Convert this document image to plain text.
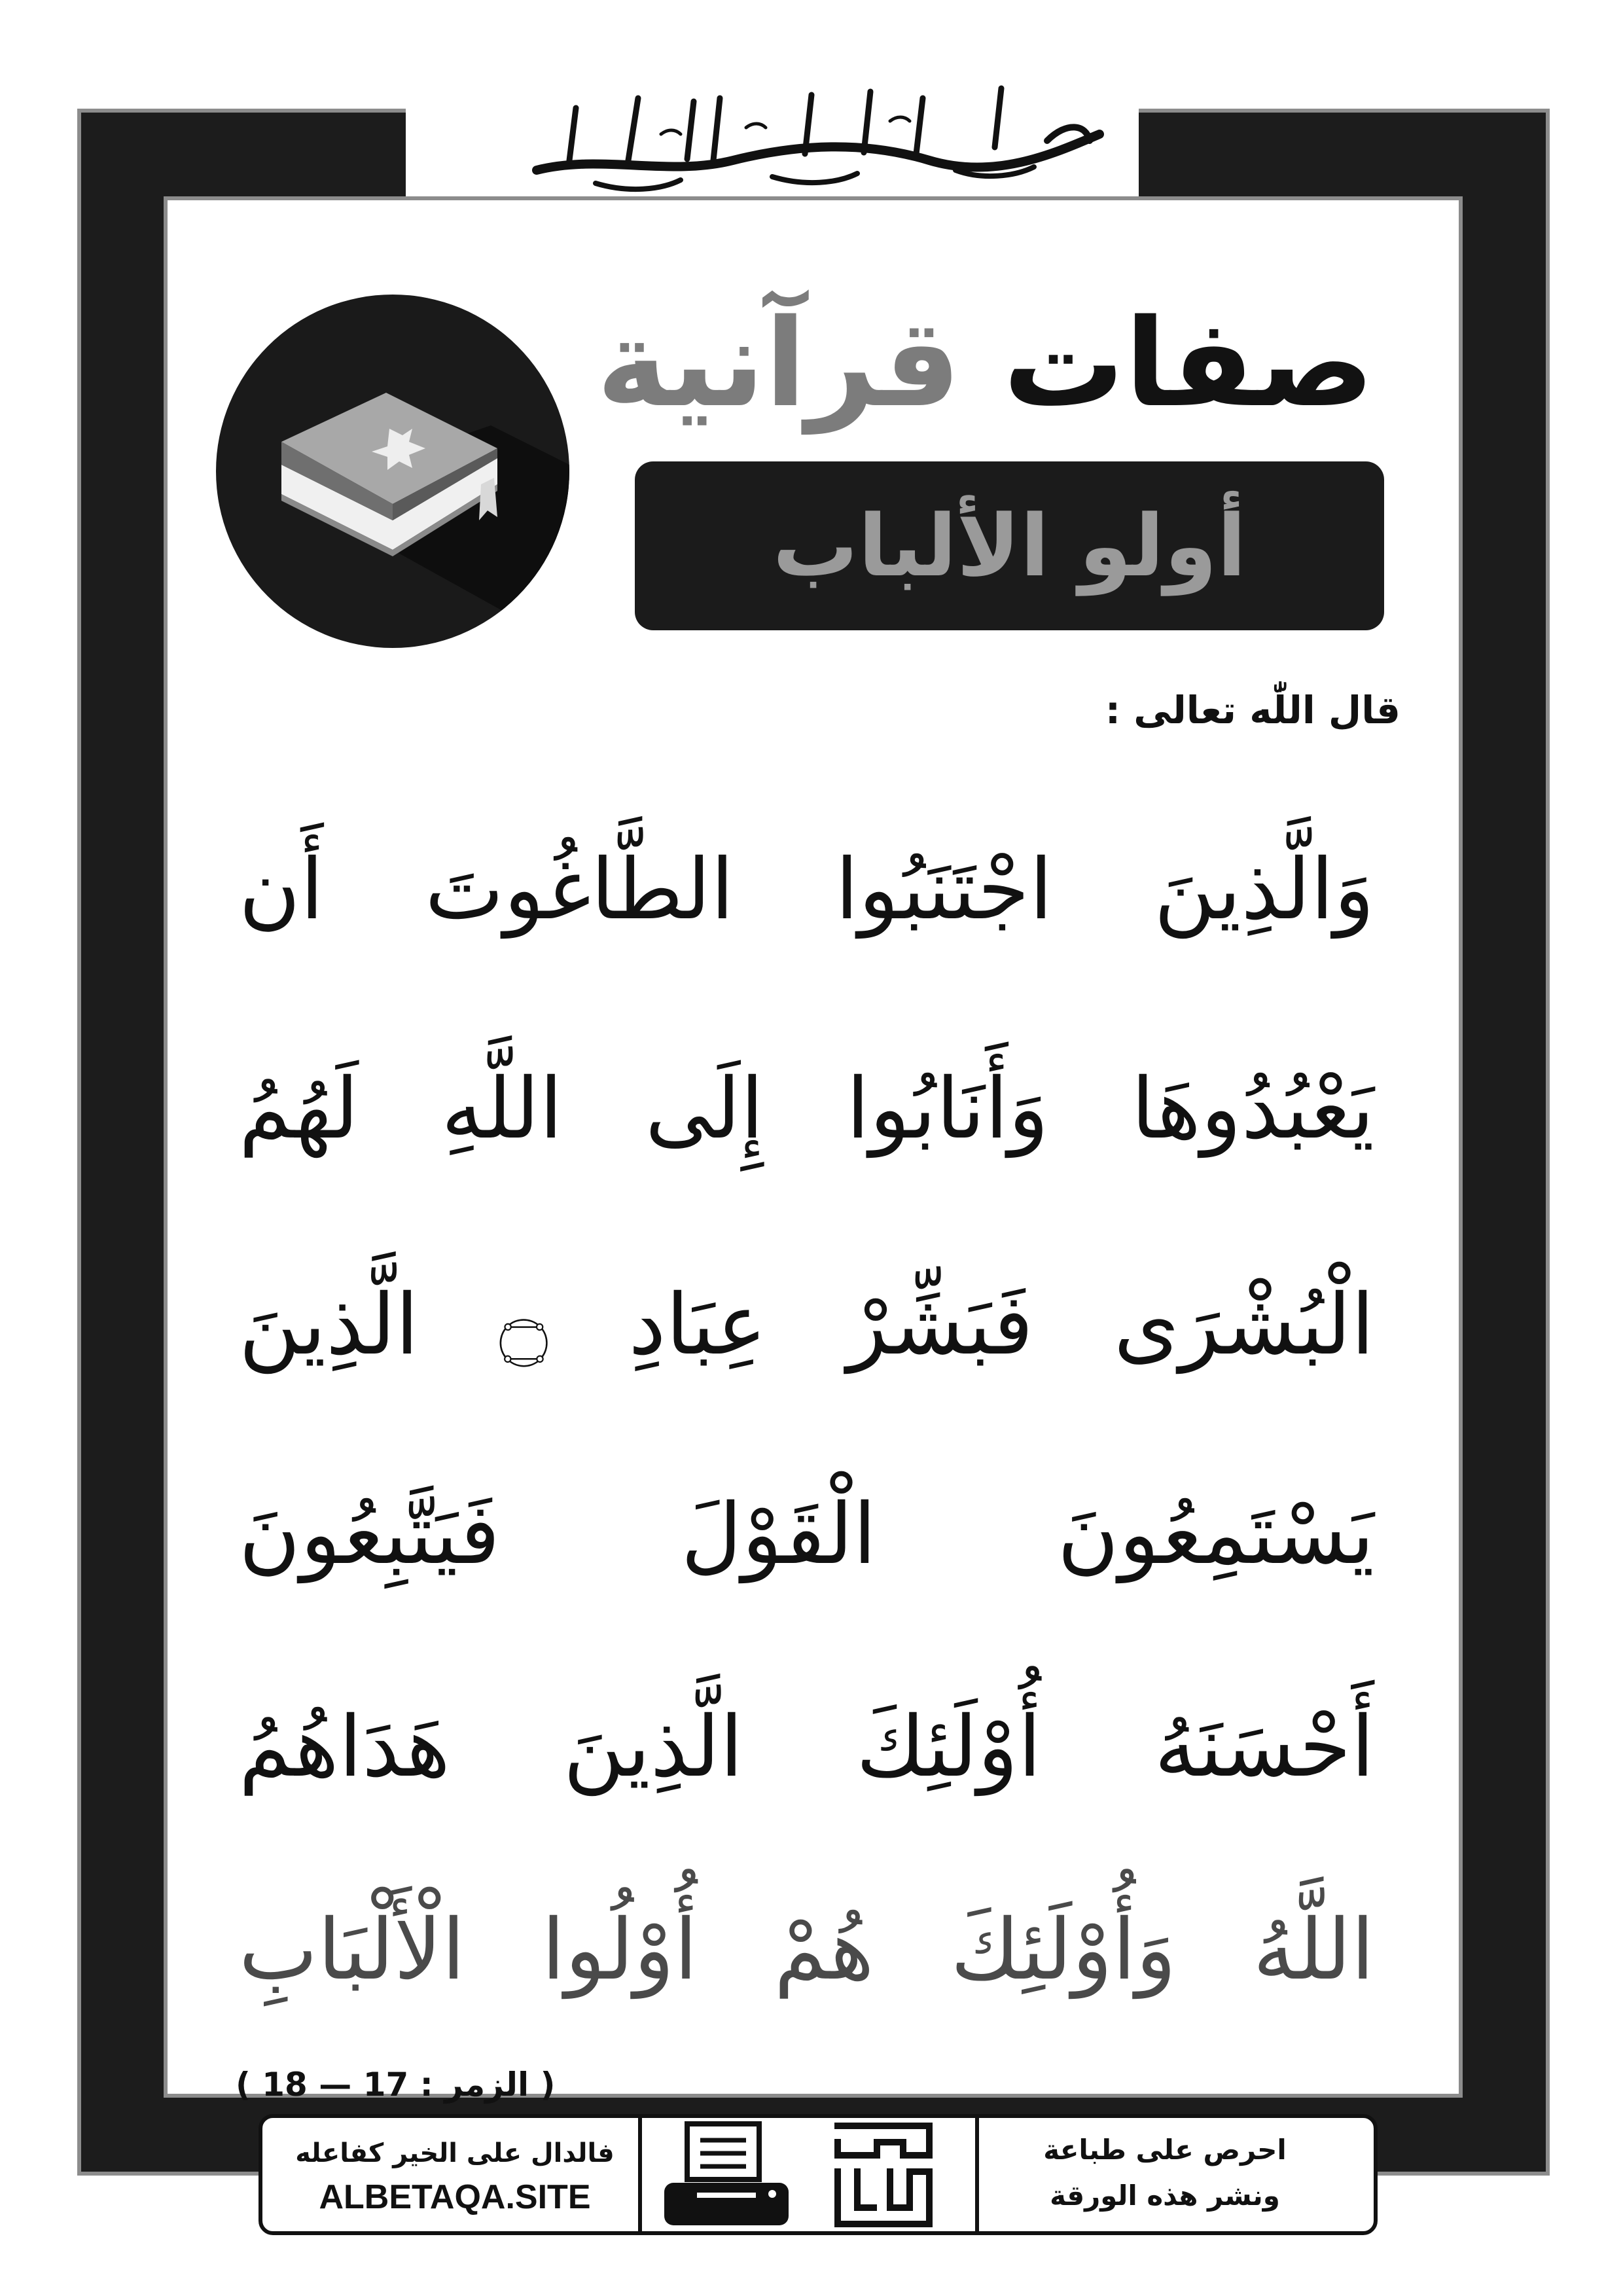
صفات قرآنية
أولو الألباب
قال اللّٰه تعالى :
وَالَّذِينَ اجْتَنَبُوا الطَّاغُوتَ أَن
يَعْبُدُوهَا وَأَنَابُوا إِلَى اللَّهِ لَهُمُ
الْبُشْرَى فَبَشِّرْ عِبَادِ ۝ الَّذِينَ
يَسْتَمِعُونَ الْقَوْلَ فَيَتَّبِعُونَ
أَحْسَنَهُ أُوْلَئِكَ الَّذِينَ هَدَاهُمُ
اللَّهُ وَأُوْلَئِكَ هُمْ أُوْلُوا الْأَلْبَابِ
( الزمر : 17 — 18 )
فالدال على الخير كفاعله
ALBETAQA.SITE
احرص على طباعة
ونشر هذه الورقة
